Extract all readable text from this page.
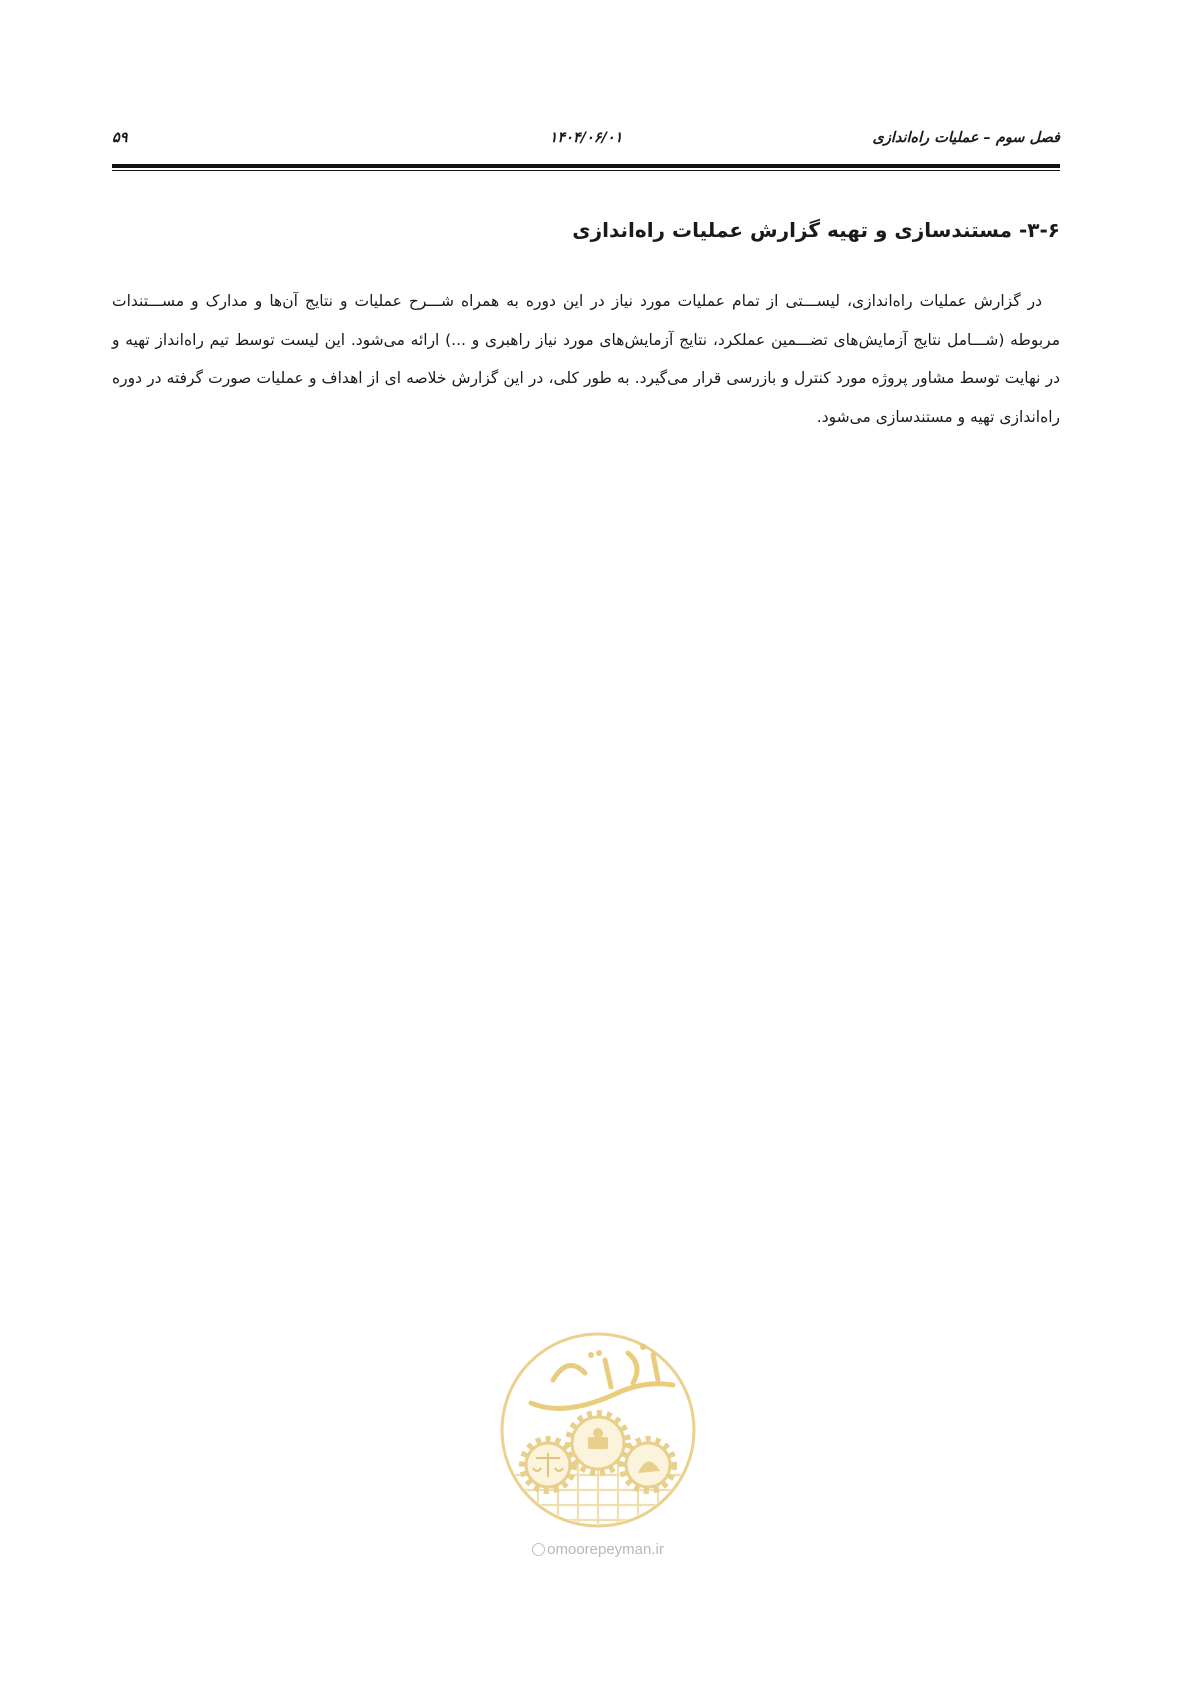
فصل سوم – عملیات راه‌اندازی
۱۴۰۴/۰۶/۰۱
۵۹
۳-۶- مستندسازی و تهیه گزارش عملیات راه‌اندازی
در گزارش عملیات راه‌اندازی، لیســـتی از تمام عملیات مورد نیاز در این دوره به همراه شـــرح عملیات و نتایج آن‌ها و مدارک و مســـتندات مربوطه (شـــامل نتایج آزمایش‌های تضـــمین عملکرد، نتایج آزمایش‌های مورد نیاز راهبری و ...) ارائه می‌شود. این لیست توسط تیم راه‌انداز تهیه و در نهایت توسط مشاور پروژه مورد کنترل و بازرسی قرار می‌گیرد. به طور کلی، در این گزارش خلاصه ای از اهداف و عملیات صورت گرفته در دوره راه‌اندازی تهیه و مستندسازی می‌شود.
omoorepeyman.ir
